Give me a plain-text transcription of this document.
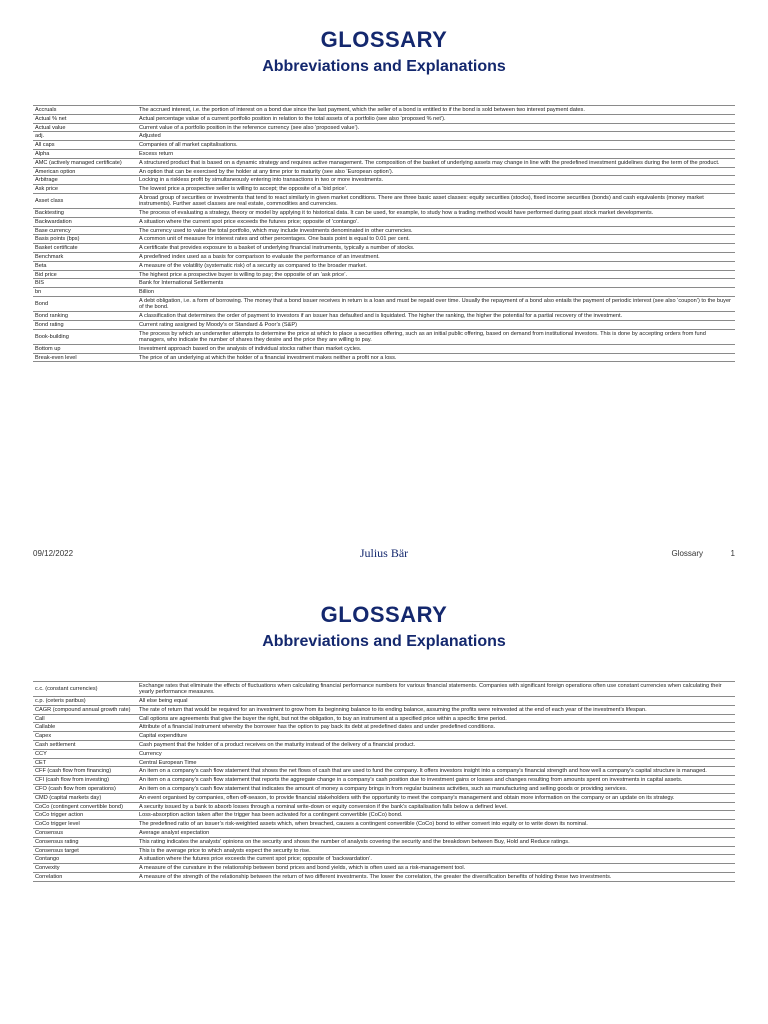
GLOSSARY
Abbreviations and Explanations
Accruals	The accrued interest, i.e. the portion of interest on a bond due since the last payment, which the seller of a bond is entitled to if the bond is sold between two interest payment dates.
Actual % net	Actual percentage value of a current portfolio position in relation to the total assets of a portfolio (see also ‘proposed % net’).
Actual value	Current value of a portfolio position in the reference currency (see also ‘proposed value’).
adj.	Adjusted
All caps	Companies of all market capitalisations.
Alpha	Excess return
AMC (actively managed certificate)	A structured product that is based on a dynamic strategy and requires active management. The composition of the basket of underlying assets may change in line with the predefined investment guidelines during the term of the product.
American option	An option that can be exercised by the holder at any time prior to maturity (see also ‘European option’).
Arbitrage	Locking in a riskless profit by simultaneously entering into transactions in two or more investments.
Ask price	The lowest price a prospective seller is willing to accept; the opposite of a ‘bid price’.
Asset class	A broad group of securities or investments that tend to react similarly in given market conditions. There are three basic asset classes: equity securities (stocks), fixed income securities (bonds) and cash equivalents (money market instruments). Further asset classes are real estate, commodities and currencies.
Backtesting	The process of evaluating a strategy, theory or model by applying it to historical data. It can be used, for example, to study how a trading method would have performed during past stock market developments.
Backwardation	A situation where the current spot price exceeds the futures price; opposite of ‘contango’.
Base currency	The currency used to value the total portfolio, which may include investments denominated in other currencies.
Basis points (bps)	A common unit of measure for interest rates and other percentages. One basis point is equal to 0.01 per cent.
Basket certificate	A certificate that provides exposure to a basket of underlying financial instruments, typically a number of stocks.
Benchmark	A predefined index used as a basis for comparison to evaluate the performance of an investment.
Beta	A measure of the volatility (systematic risk) of a security as compared to the broader market.
Bid price	The highest price a prospective buyer is willing to pay; the opposite of an ‘ask price’.
BIS	Bank for International Settlements
bn	Billion
Bond	A debt obligation, i.e. a form of borrowing. The money that a bond issuer receives in return is a loan and must be repaid over time. Usually the repayment of a bond also entails the payment of periodic interest (see also ‘coupon’) to the buyer of the bond.
Bond ranking	A classification that determines the order of payment to investors if an issuer has defaulted and is liquidated. The higher the ranking, the higher the potential for a partial recovery of the investment.
Bond rating	Current rating assigned by Moody’s or Standard & Poor’s (S&P)
Book-building	The process by which an underwriter attempts to determine the price at which to place a securities offering, such as an initial public offering, based on demand from institutional investors. This is done by accepting orders from fund managers, who indicate the number of shares they desire and the price they are willing to pay.
Bottom up	Investment approach based on the analysis of individual stocks rather than market cycles.
Break-even level	The price of an underlying at which the holder of a financial investment makes neither a profit nor a loss.
09/12/2022	Julius Bär	Glossary	1
GLOSSARY
Abbreviations and Explanations
c.c. (constant currencies)	Exchange rates that eliminate the effects of fluctuations when calculating financial performance numbers for various financial statements. Companies with significant foreign operations often use constant currencies when calculating their yearly performance measures.
c.p. (ceteris paribus)	All else being equal
CAGR (compound annual growth rate)	The rate of return that would be required for an investment to grow from its beginning balance to its ending balance, assuming the profits were reinvested at the end of each year of the investment’s lifespan.
Call	Call options are agreements that give the buyer the right, but not the obligation, to buy an instrument at a specified price within a specific time period.
Callable	Attribute of a financial instrument whereby the borrower has the option to pay back its debt at predefined dates and under predefined conditions.
Capex	Capital expenditure
Cash settlement	Cash payment that the holder of a product receives on the maturity instead of the delivery of a financial product.
CCY	Currency
CET	Central European Time
CFF (cash flow from financing)	An item on a company’s cash flow statement that shows the net flows of cash that are used to fund the company. It offers investors insight into a company’s financial strength and how well a company’s capital structure is managed.
CFI (cash flow from investing)	An item on a company’s cash flow statement that reports the aggregate change in a company’s cash position due to investment gains or losses and changes resulting from amounts spent on investments in capital assets.
CFO (cash flow from operations)	An item on a company’s cash flow statement that indicates the amount of money a company brings in from regular business activities, such as manufacturing and selling goods or providing services.
CMD (capital markets day)	An event organised by companies, often off-season, to provide financial stakeholders with the opportunity to meet the company’s management and obtain more information on the company or an update on its strategy.
CoCo (contingent convertible bond)	A security issued by a bank to absorb losses through a nominal write-down or equity conversion if the bank’s capitalisation falls below a defined level.
CoCo trigger action	Loss-absorption action taken after the trigger has been activated for a contingent convertible (CoCo) bond.
CoCo trigger level	The predefined ratio of an issuer’s risk-weighted assets which, when breached, causes a contingent convertible (CoCo) bond to either convert into equity or to write down its nominal.
Consensus	Average analyst expectation
Consensus rating	This rating indicates the analysts’ opinions on the security and shows the number of analysts covering the security and the breakdown between Buy, Hold and Reduce ratings.
Consensus target	This is the average price to which analysts expect the security to rise.
Contango	A situation where the futures price exceeds the current spot price; opposite of ‘backwardation’.
Convexity	A measure of the curvature in the relationship between bond prices and bond yields, which is often used as a risk-management tool.
Correlation	A measure of the strength of the relationship between the return of two different investments. The lower the correlation, the greater the diversification benefits of holding these two investments.
